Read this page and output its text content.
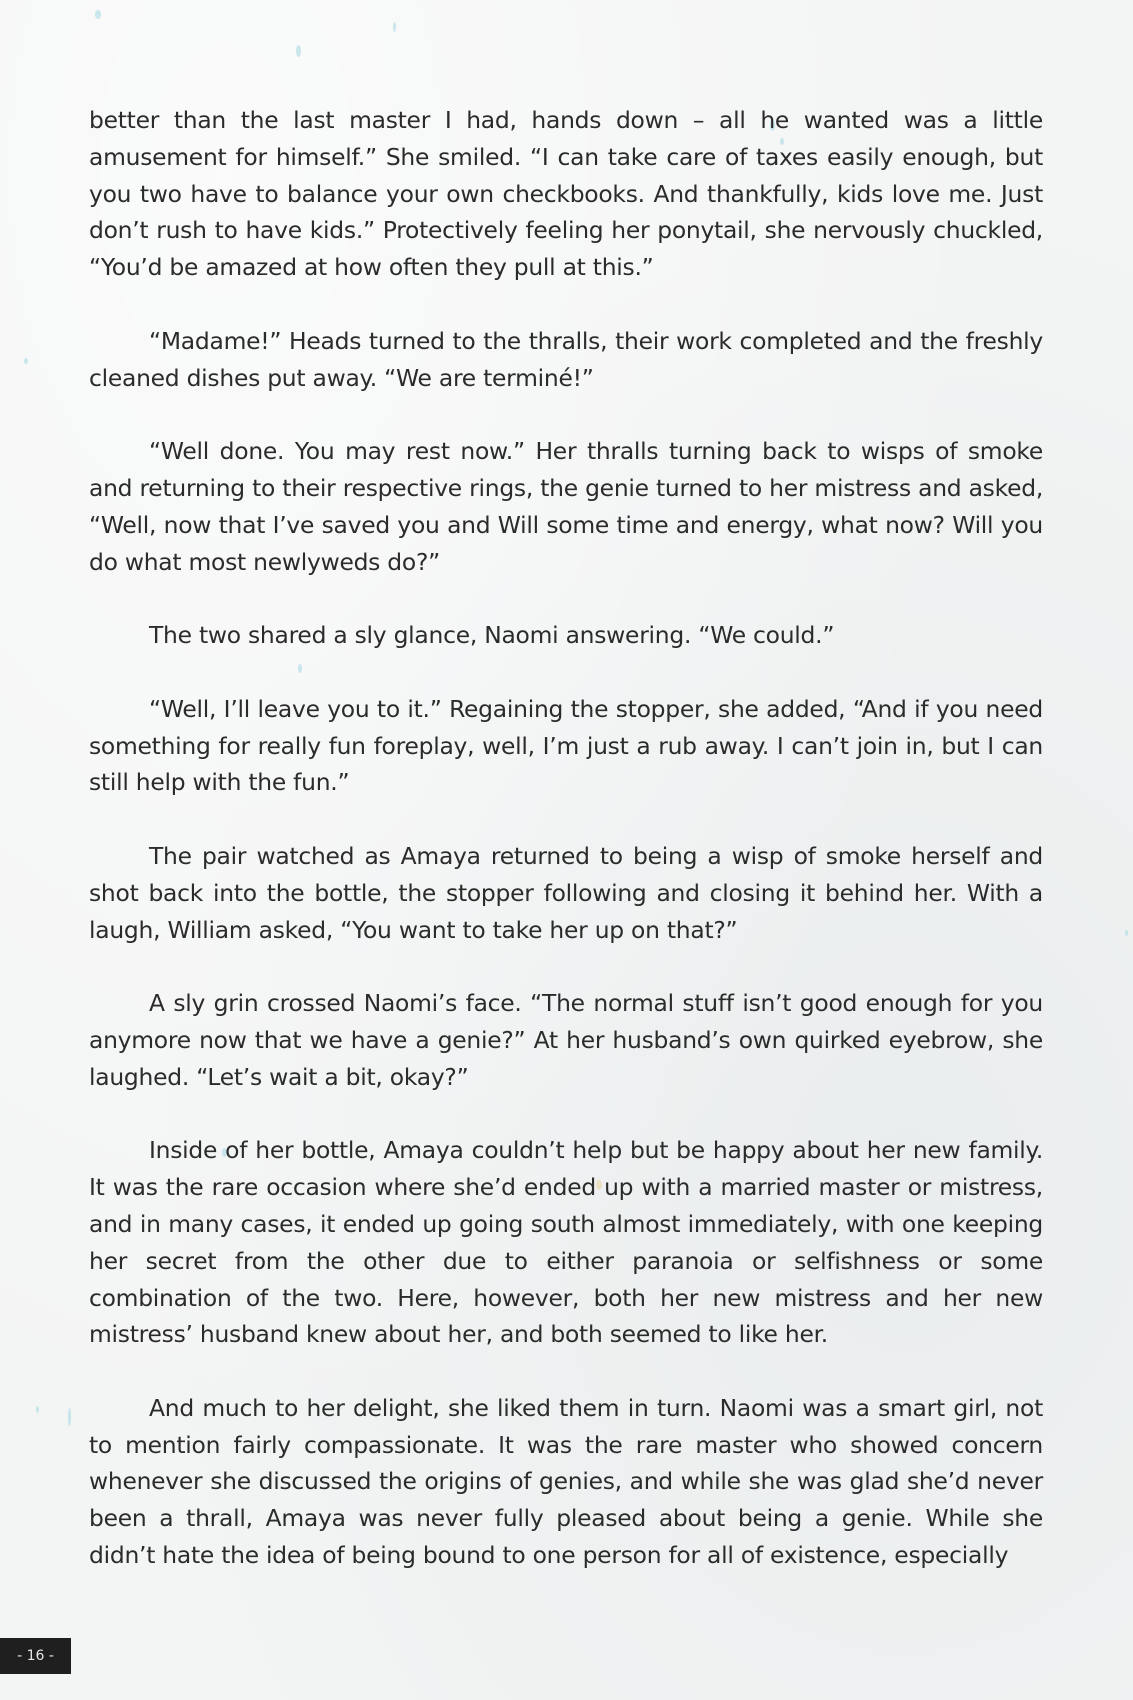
better than the last master I had, hands down – all he wanted was a little amusement for himself.” She smiled. “I can take care of taxes easily enough, but you two have to balance your own checkbooks. And thankfully, kids love me. Just don’t rush to have kids.” Protectively feeling her ponytail, she nervously chuckled, “You’d be amazed at how often they pull at this.”

“Madame!” Heads turned to the thralls, their work completed and the freshly cleaned dishes put away. “We are terminé!”

“Well done. You may rest now.” Her thralls turning back to wisps of smoke and returning to their respective rings, the genie turned to her mistress and asked, “Well, now that I’ve saved you and Will some time and energy, what now? Will you do what most newlyweds do?”

The two shared a sly glance, Naomi answering. “We could.”

“Well, I’ll leave you to it.” Regaining the stopper, she added, “And if you need something for really fun foreplay, well, I’m just a rub away. I can’t join in, but I can still help with the fun.”

The pair watched as Amaya returned to being a wisp of smoke herself and shot back into the bottle, the stopper following and closing it behind her. With a laugh, William asked, “You want to take her up on that?”

A sly grin crossed Naomi’s face. “The normal stuff isn’t good enough for you anymore now that we have a genie?” At her husband’s own quirked eyebrow, she laughed. “Let’s wait a bit, okay?”

Inside of her bottle, Amaya couldn’t help but be happy about her new family. It was the rare occasion where she’d ended up with a married master or mistress, and in many cases, it ended up going south almost immediately, with one keeping her secret from the other due to either paranoia or selfishness or some combination of the two. Here, however, both her new mistress and her new mistress’ husband knew about her, and both seemed to like her.

And much to her delight, she liked them in turn. Naomi was a smart girl, not to mention fairly compassionate. It was the rare master who showed concern whenever she discussed the origins of genies, and while she was glad she’d never been a thrall, Amaya was never fully pleased about being a genie. While she didn’t hate the idea of being bound to one person for all of existence, especially

- 16 -
